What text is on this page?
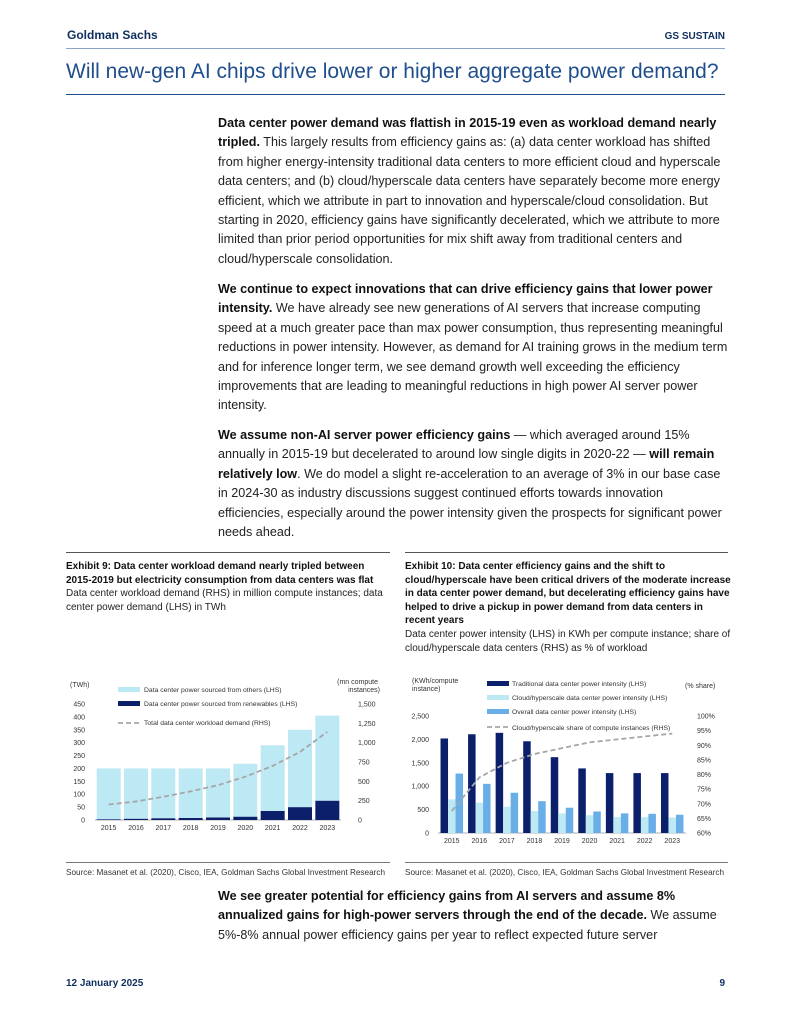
Goldman Sachs	GS SUSTAIN
Will new-gen AI chips drive lower or higher aggregate power demand?

Data center power demand was flattish in 2015-19 even as workload demand nearly tripled. This largely results from efficiency gains as: (a) data center workload has shifted from higher energy-intensity traditional data centers to more efficient cloud and hyperscale data centers; and (b) cloud/hyperscale data centers have separately become more energy efficient, which we attribute in part to innovation and hyperscale/cloud consolidation. But starting in 2020, efficiency gains have significantly decelerated, which we attribute to more limited than prior period opportunities for mix shift away from traditional centers and cloud/hyperscale consolidation.

We continue to expect innovations that can drive efficiency gains that lower power intensity. We have already see new generations of AI servers that increase computing speed at a much greater pace than max power consumption, thus representing meaningful reductions in power intensity. However, as demand for AI training grows in the medium term and for inference longer term, we see demand growth well exceeding the efficiency improvements that are leading to meaningful reductions in high power AI server power intensity.

We assume non-AI server power efficiency gains — which averaged around 15% annually in 2015-19 but decelerated to around low single digits in 2020-22 — will remain relatively low. We do model a slight re-acceleration to an average of 3% in our base case in 2024-30 as industry discussions suggest continued efforts towards innovation efficiencies, especially around the power intensity given the prospects for significant power needs ahead.

Exhibit 9: Data center workload demand nearly tripled between 2015-2019 but electricity consumption from data centers was flat
Data center workload demand (RHS) in million compute instances; data center power demand (LHS) in TWh
(TWh)	(mn compute
instances)
0
50
100
150
200
250
300
350
400
450
0
250
500
750
1,000
1,250
1,500
2015 2016 2017 2018 2019 2020 2021 2022 2023
Data center power sourced from others (LHS)
Data center power sourced from renewables (LHS)
Total data center workload demand (RHS)
Source: Masanet et al. (2020), Cisco, IEA, Goldman Sachs Global Investment Research
Exhibit 10: Data center efficiency gains and the shift to cloud/hyperscale have been critical drivers of the moderate increase in data center power demand, but decelerating efficiency gains have helped to drive a pickup in power demand from data centers in recent years
Data center power intensity (LHS) in KWh per compute instance; share of cloud/hyperscale data centers (RHS) as % of workload
(KWh/compute
instance)	(% share)
0
500
1,000
1,500
2,000
2,500
60%
65%
70%
75%
80%
85%
90%
95%
100%
2015 2016 2017 2018 2019 2020 2021 2022 2023
Traditional data center power intensity (LHS)
Cloud/hyperscale data center power intensity (LHS)
Overall data center power intensity (LHS)
Cloud/hyperscale share of compute instances (RHS)
Source: Masanet et al. (2020), Cisco, IEA, Goldman Sachs Global Investment Research

We see greater potential for efficiency gains from AI servers and assume 8% annualized gains for high-power servers through the end of the decade. We assume 5%-8% annual power efficiency gains per year to reflect expected future server

12 January 2025	9
